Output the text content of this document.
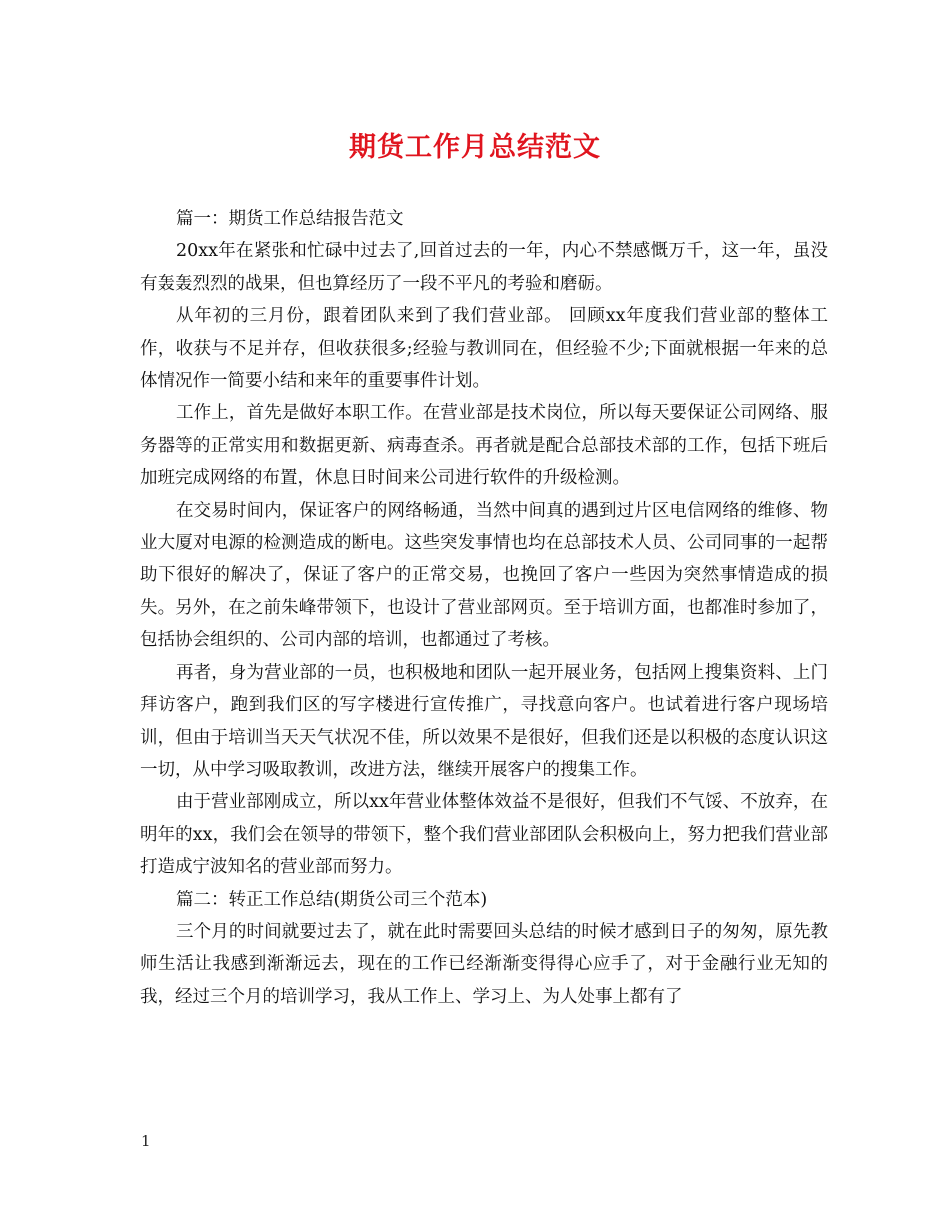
期货工作月总结范文

篇一：期货工作总结报告范文

20xx年在紧张和忙碌中过去了,回首过去的一年，内心不禁感慨万千，这一年，虽没有轰轰烈烈的战果，但也算经历了一段不平凡的考验和磨砺。

从年初的三月份，跟着团队来到了我们营业部。 回顾xx年度我们营业部的整体工作，收获与不足并存，但收获很多;经验与教训同在，但经验不少;下面就根据一年来的总体情况作一简要小结和来年的重要事件计划。

工作上，首先是做好本职工作。在营业部是技术岗位，所以每天要保证公司网络、服务器等的正常实用和数据更新、病毒查杀。再者就是配合总部技术部的工作，包括下班后加班完成网络的布置，休息日时间来公司进行软件的升级检测。

在交易时间内，保证客户的网络畅通，当然中间真的遇到过片区电信网络的维修、物业大厦对电源的检测造成的断电。这些突发事情也均在总部技术人员、公司同事的一起帮助下很好的解决了，保证了客户的正常交易，也挽回了客户一些因为突然事情造成的损失。另外，在之前朱峰带领下，也设计了营业部网页。至于培训方面，也都准时参加了，包括协会组织的、公司内部的培训，也都通过了考核。

再者，身为营业部的一员，也积极地和团队一起开展业务，包括网上搜集资料、上门拜访客户，跑到我们区的写字楼进行宣传推广，寻找意向客户。也试着进行客户现场培训，但由于培训当天天气状况不佳，所以效果不是很好，但我们还是以积极的态度认识这一切，从中学习吸取教训，改进方法，继续开展客户的搜集工作。

由于营业部刚成立，所以xx年营业体整体效益不是很好，但我们不气馁、不放弃，在明年的xx，我们会在领导的带领下，整个我们营业部团队会积极向上，努力把我们营业部打造成宁波知名的营业部而努力。

篇二：转正工作总结(期货公司三个范本)

三个月的时间就要过去了，就在此时需要回头总结的时候才感到日子的匆匆，原先教师生活让我感到渐渐远去，现在的工作已经渐渐变得得心应手了，对于金融行业无知的我，经过三个月的培训学习，我从工作上、学习上、为人处事上都有了

1
